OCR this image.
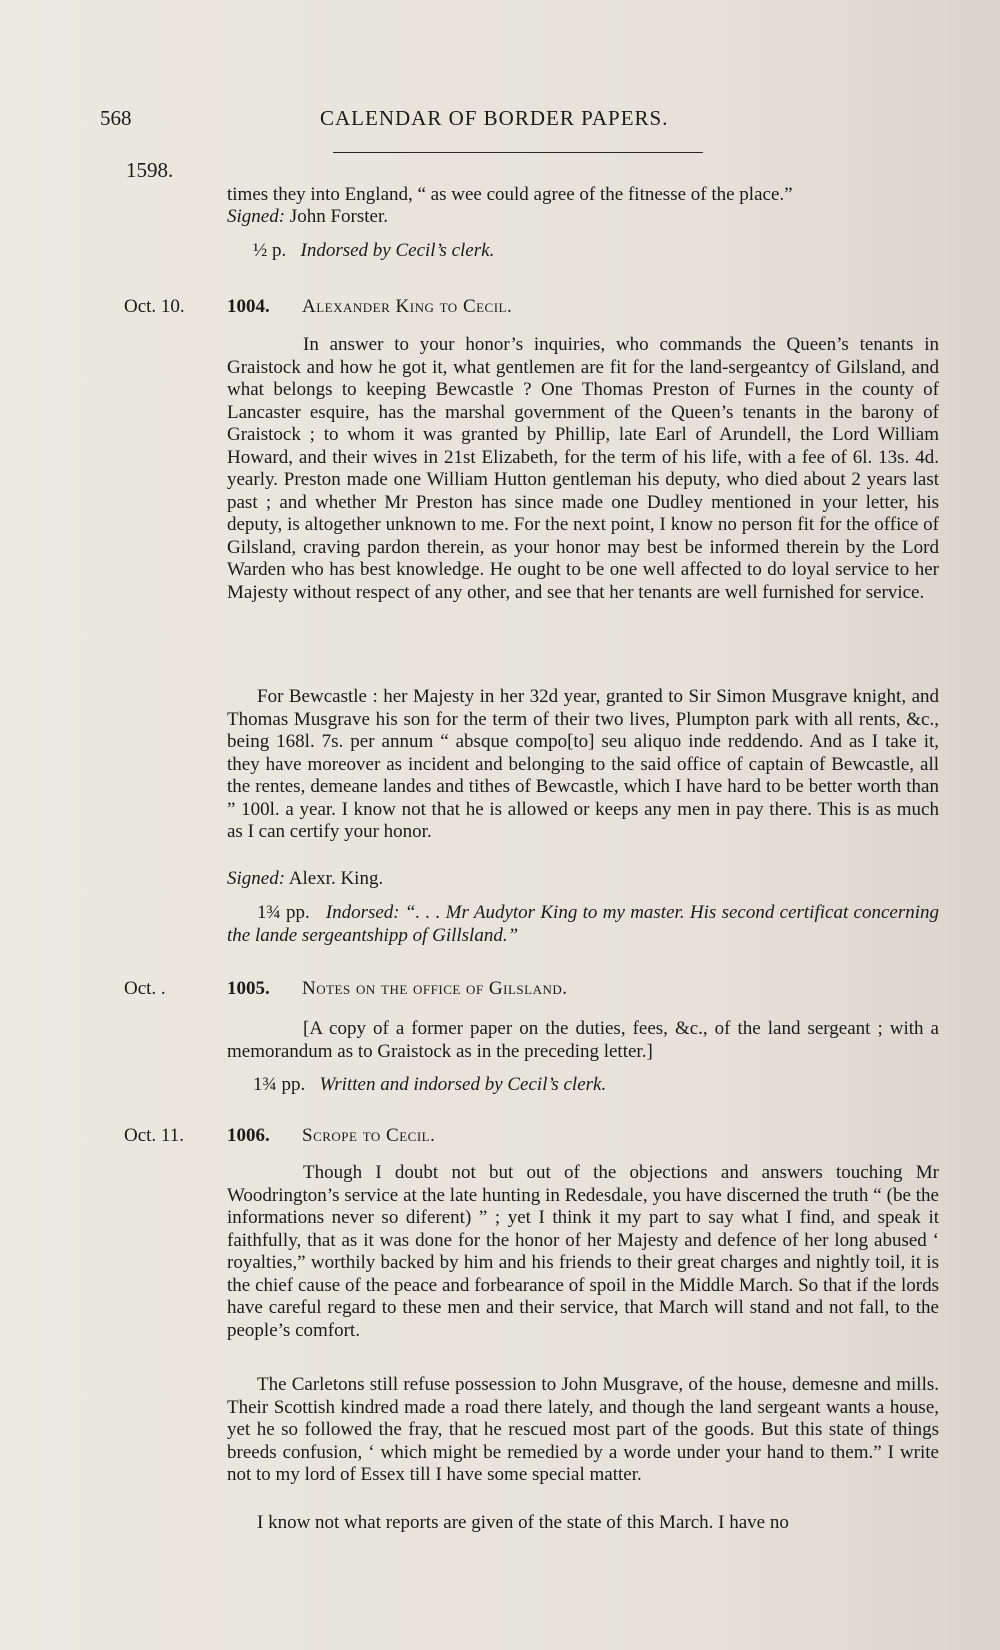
568	CALENDAR OF BORDER PAPERS.
1598.

times they into England, “ as wee could agree of the fitnesse of the place.”

Signed: John Forster.

½ p. Indorsed by Cecil’s clerk.

Oct. 10. 1004. Alexander King to Cecil.

In answer to your honor’s inquiries, who commands the Queen’s tenants in Graistock and how he got it, what gentlemen are fit for the land-sergeantcy of Gilsland, and what belongs to keeping Bewcastle ? One Thomas Preston of Furnes in the county of Lancaster esquire, has the marshal government of the Queen’s tenants in the barony of Graistock ; to whom it was granted by Phillip, late Earl of Arundell, the Lord William Howard, and their wives in 21st Elizabeth, for the term of his life, with a fee of 6l. 13s. 4d. yearly. Preston made one William Hutton gentleman his deputy, who died about 2 years last past ; and whether Mr Preston has since made one Dudley mentioned in your letter, his deputy, is altogether unknown to me. For the next point, I know no person fit for the office of Gilsland, craving pardon therein, as your honor may best be informed therein by the Lord Warden who has best knowledge. He ought to be one well affected to do loyal service to her Majesty without respect of any other, and see that her tenants are well furnished for service.

For Bewcastle : her Majesty in her 32d year, granted to Sir Simon Musgrave knight, and Thomas Musgrave his son for the term of their two lives, Plumpton park with all rents, &c., being 168l. 7s. per annum “ absque compo[to] seu aliquo inde reddendo. And as I take it, they have moreover as incident and belonging to the said office of captain of Bewcastle, all the rentes, demeane landes and tithes of Bewcastle, which I have hard to be better worth than ” 100l. a year. I know not that he is allowed or keeps any men in pay there. This is as much as I can certify your honor.

Signed: Alexr. King.

1¾ pp. Indorsed: “. . . Mr Audytor King to my master. His second certificat concerning the lande sergeantshipp of Gillsland.”

Oct. .	1005. Notes on the office of Gilsland.

[A copy of a former paper on the duties, fees, &c., of the land sergeant ; with a memorandum as to Graistock as in the preceding letter.]

1¾ pp. Written and indorsed by Cecil’s clerk.

Oct. 11. 1006. Scrope to Cecil.

Though I doubt not but out of the objections and answers touching Mr Woodrington’s service at the late hunting in Redesdale, you have discerned the truth “ (be the informations never so diferent) ” ; yet I think it my part to say what I find, and speak it faithfully, that as it was done for the honor of her Majesty and defence of her long abused ‘ royalties,” worthily backed by him and his friends to their great charges and nightly toil, it is the chief cause of the peace and forbearance of spoil in the Middle March. So that if the lords have careful regard to these men and their service, that March will stand and not fall, to the people’s comfort.

The Carletons still refuse possession to John Musgrave, of the house, demesne and mills. Their Scottish kindred made a road there lately, and though the land sergeant wants a house, yet he so followed the fray, that he rescued most part of the goods. But this state of things breeds confusion, ‘ which might be remedied by a worde under your hand to them.” I write not to my lord of Essex till I have some special matter.

I know not what reports are given of the state of this March. I have no
